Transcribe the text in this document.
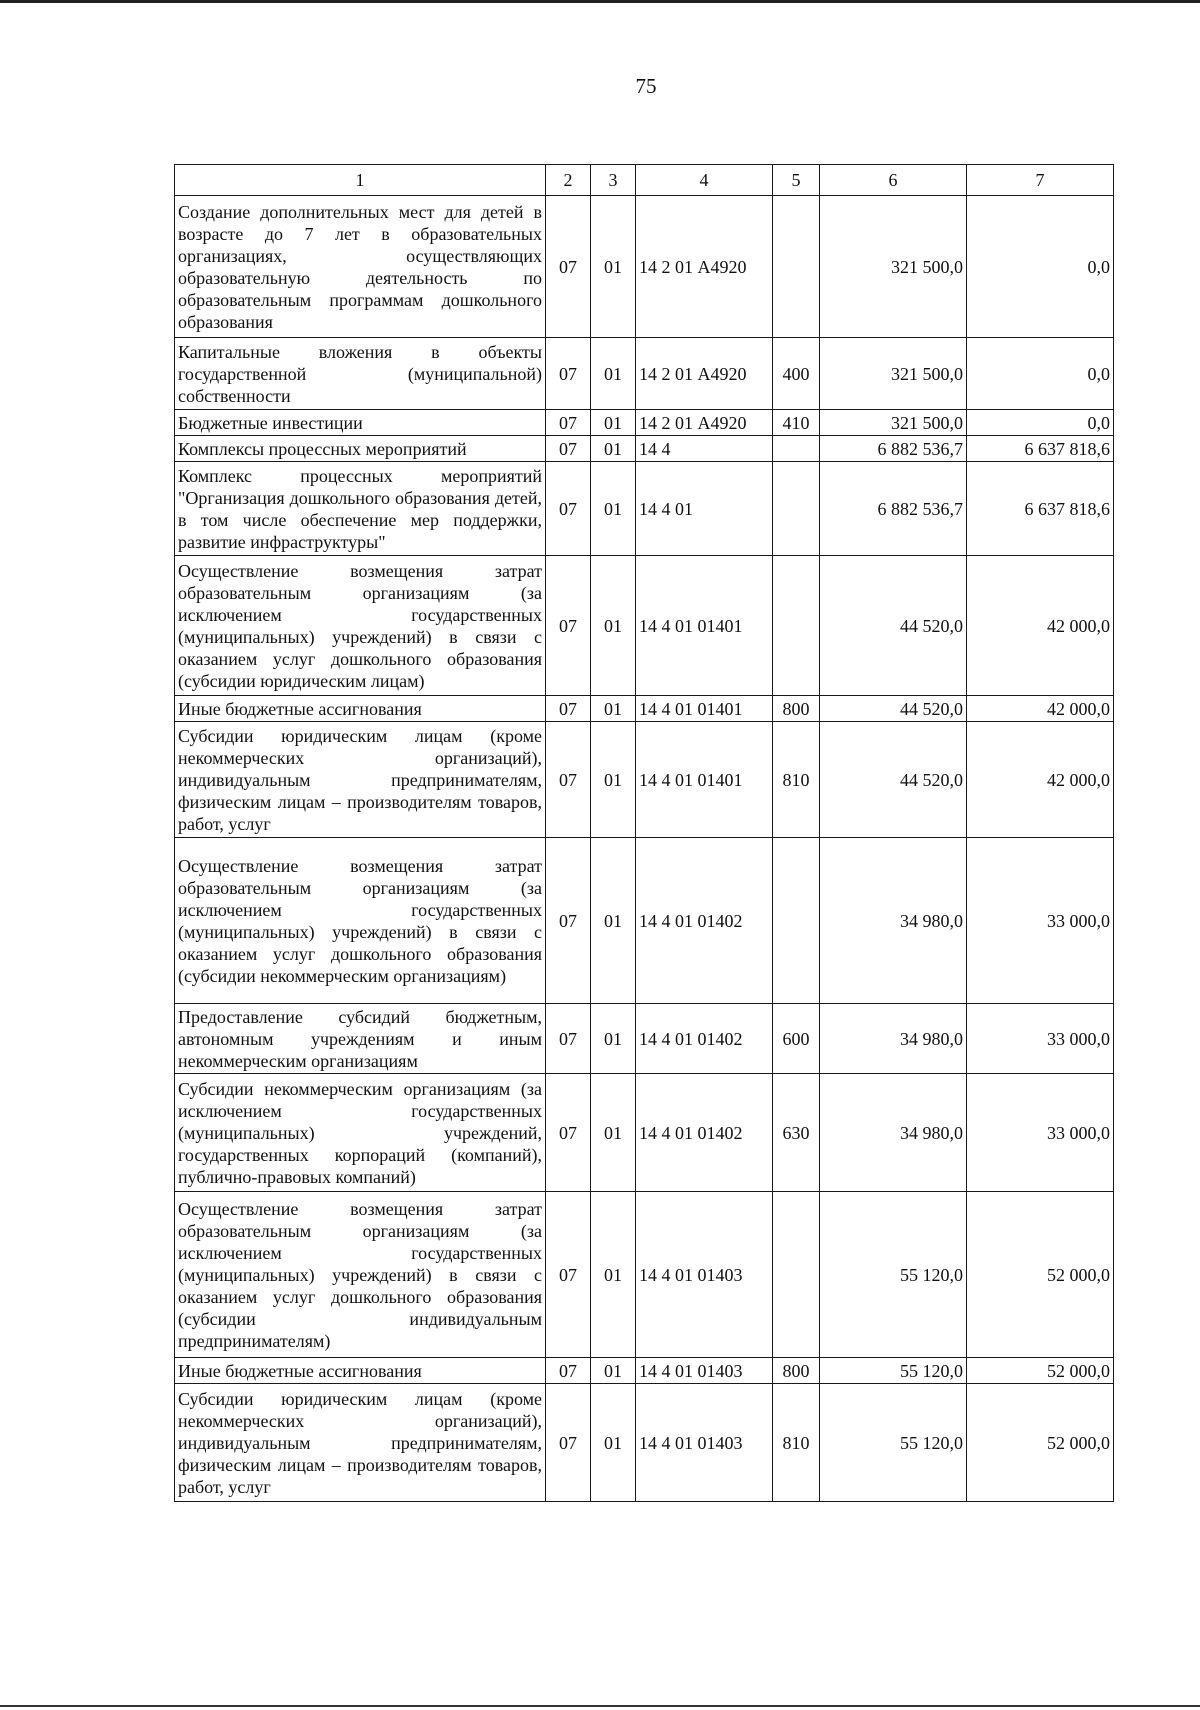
75
1	2	3	4	5	6	7
Создание дополнительных мест для детей в возрасте до 7 лет в образовательных организациях, осуществляющих образовательную деятельность по образовательным программам дошкольного образования	07	01	14 2 01 А4920		321 500,0	0,0
Капитальные вложения в объекты государственной (муниципальной) собственности	07	01	14 2 01 А4920	400	321 500,0	0,0
Бюджетные инвестиции	07	01	14 2 01 А4920	410	321 500,0	0,0
Комплексы процессных мероприятий	07	01	14 4		6 882 536,7	6 637 818,6
Комплекс процессных мероприятий "Организация дошкольного образования детей, в том числе обеспечение мер поддержки, развитие инфраструктуры"	07	01	14 4 01		6 882 536,7	6 637 818,6
Осуществление возмещения затрат образовательным организациям (за исключением государственных (муниципальных) учреждений) в связи с оказанием услуг дошкольного образования (субсидии юридическим лицам)	07	01	14 4 01 01401		44 520,0	42 000,0
Иные бюджетные ассигнования	07	01	14 4 01 01401	800	44 520,0	42 000,0
Субсидии юридическим лицам (кроме некоммерческих организаций), индивидуальным предпринимателям, физическим лицам – производителям товаров, работ, услуг	07	01	14 4 01 01401	810	44 520,0	42 000,0
Осуществление возмещения затрат образовательным организациям (за исключением государственных (муниципальных) учреждений) в связи с оказанием услуг дошкольного образования (субсидии некоммерческим организациям)	07	01	14 4 01 01402		34 980,0	33 000,0
Предоставление субсидий бюджетным, автономным учреждениям и иным некоммерческим организациям	07	01	14 4 01 01402	600	34 980,0	33 000,0
Субсидии некоммерческим организациям (за исключением государственных (муниципальных) учреждений, государственных корпораций (компаний), публично-правовых компаний)	07	01	14 4 01 01402	630	34 980,0	33 000,0
Осуществление возмещения затрат образовательным организациям (за исключением государственных (муниципальных) учреждений) в связи с оказанием услуг дошкольного образования (субсидии индивидуальным предпринимателям)	07	01	14 4 01 01403		55 120,0	52 000,0
Иные бюджетные ассигнования	07	01	14 4 01 01403	800	55 120,0	52 000,0
Субсидии юридическим лицам (кроме некоммерческих организаций), индивидуальным предпринимателям, физическим лицам – производителям товаров, работ, услуг	07	01	14 4 01 01403	810	55 120,0	52 000,0
